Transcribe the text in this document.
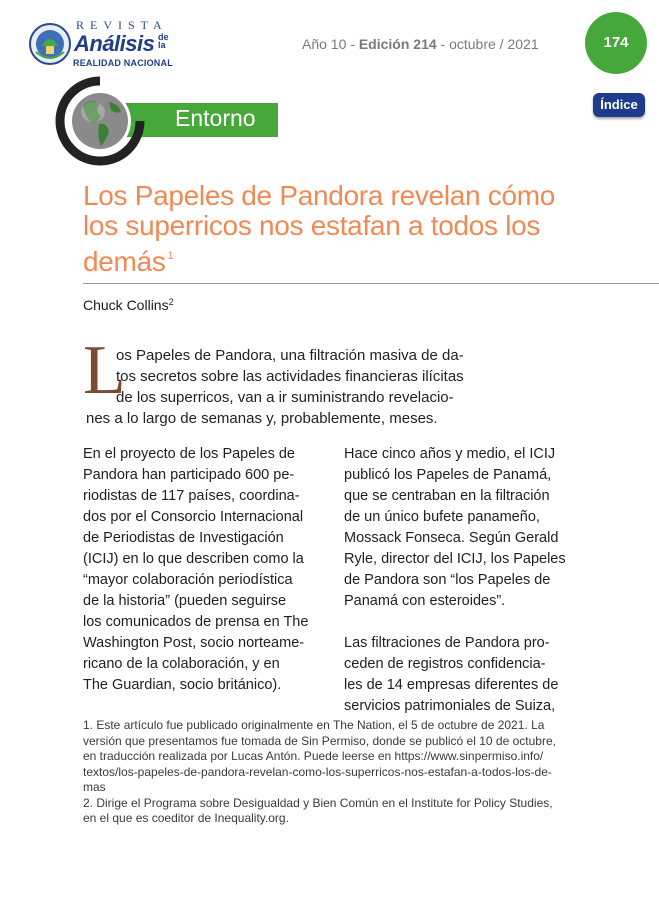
REVISTA
Análisis de la
REALIDAD NACIONAL
Año 10 - Edición 214 - octubre / 2021	174
Índice
Entorno
Los Papeles de Pandora revelan cómo
los superricos nos estafan a todos los
demás $^1$
Chuck Collins$^2$
L
os Papeles de Pandora, una filtración masiva de da-
tos secretos sobre las actividades financieras ilícitas
de los superricos, van a ir suministrando revelacio-
nes a lo largo de semanas y, probablemente, meses.
En el proyecto de los Papeles de
Pandora han participado 600 pe-
riodistas de 117 países, coordina-
dos por el Consorcio Internacional
de Periodistas de Investigación
(ICIJ) en lo que describen como la
“mayor colaboración periodística
de la historia” (pueden seguirse
los comunicados de prensa en The
Washington Post, socio norteame-
ricano de la colaboración, y en
The Guardian, socio británico).
Hace cinco años y medio, el ICIJ
publicó los Papeles de Panamá,
que se centraban en la filtración
de un único bufete panameño,
Mossack Fonseca. Según Gerald
Ryle, director del ICIJ, los Papeles
de Pandora son “los Papeles de
Panamá con esteroides”.
Las filtraciones de Pandora pro-
ceden de registros confidencia-
les de 14 empresas diferentes de
servicios patrimoniales de Suiza,
1. Este artículo fue publicado originalmente en The Nation, el 5 de octubre de 2021. La
versión que presentamos fue tomada de Sin Permiso, donde se publicó el 10 de octubre,
en traducción realizada por Lucas Antón. Puede leerse en https://www.sinpermiso.info/
textos/los-papeles-de-pandora-revelan-como-los-superricos-nos-estafan-a-todos-los-de-
mas
2. Dirige el Programa sobre Desigualdad y Bien Común en el Institute for Policy Studies,
en el que es coeditor de Inequality.org.
